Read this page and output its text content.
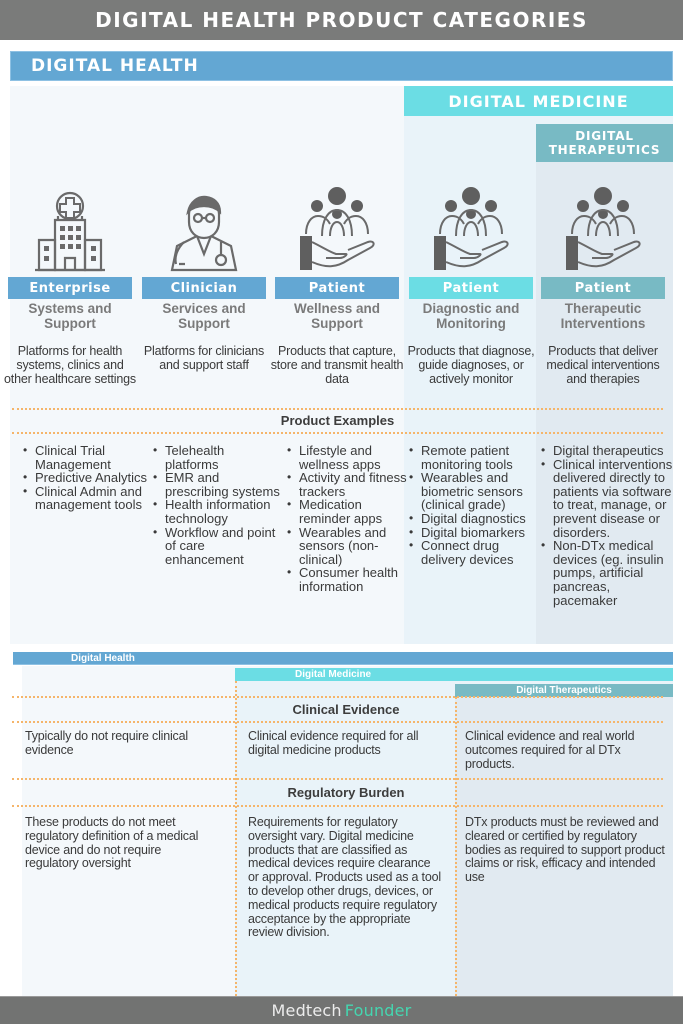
DIGITAL HEALTH PRODUCT CATEGORIES
DIGITAL HEALTH
DIGITAL MEDICINE
DIGITAL
THERAPEUTICS
Enterprise
Systems and
Support
Platforms for health systems, clinics and other healthcare settings
Clinician
Services and
Support
Platforms for clinicians and support staff
Patient
Wellness and
Support
Products that capture, store and transmit health data
Patient
Diagnostic and
Monitoring
Products that diagnose, guide diagnoses, or actively monitor
Patient
Therapeutic
Interventions
Products that deliver medical interventions and therapies
Product Examples
• Clinical Trial Management
• Predictive Analytics
• Clinical Admin and management tools
• Telehealth platforms
• EMR and prescribing systems
• Health information technology
• Workflow and point of care enhancement
• Lifestyle and wellness apps
• Activity and fitness trackers
• Medication reminder apps
• Wearables and sensors (non-clinical)
• Consumer health information
• Remote patient monitoring tools
• Wearables and biometric sensors (clinical grade)
• Digital diagnostics
• Digital biomarkers
• Connect drug delivery devices
• Digital therapeutics
• Clinical interventions delivered directly to patients via software to treat, manage, or prevent disease or disorders.
• Non-DTx medical devices (eg. insulin pumps, artificial pancreas, pacemaker
Digital Health
Digital Medicine
Digital Therapeutics
Clinical Evidence
Typically do not require clinical evidence
Clinical evidence required for all digital medicine products
Clinical evidence and real world outcomes required for al DTx products.
Regulatory Burden
These products do not meet regulatory definition of a medical device and do not require regulatory oversight
Requirements for regulatory oversight vary. Digital medicine products that are classified as medical devices require clearance or approval. Products used as a tool to develop other drugs, devices, or medical products require regulatory acceptance by the appropriate review division.
DTx products must be reviewed and cleared or certified by regulatory bodies as required to support product claims or risk, efficacy and intended use
Medtech Founder
